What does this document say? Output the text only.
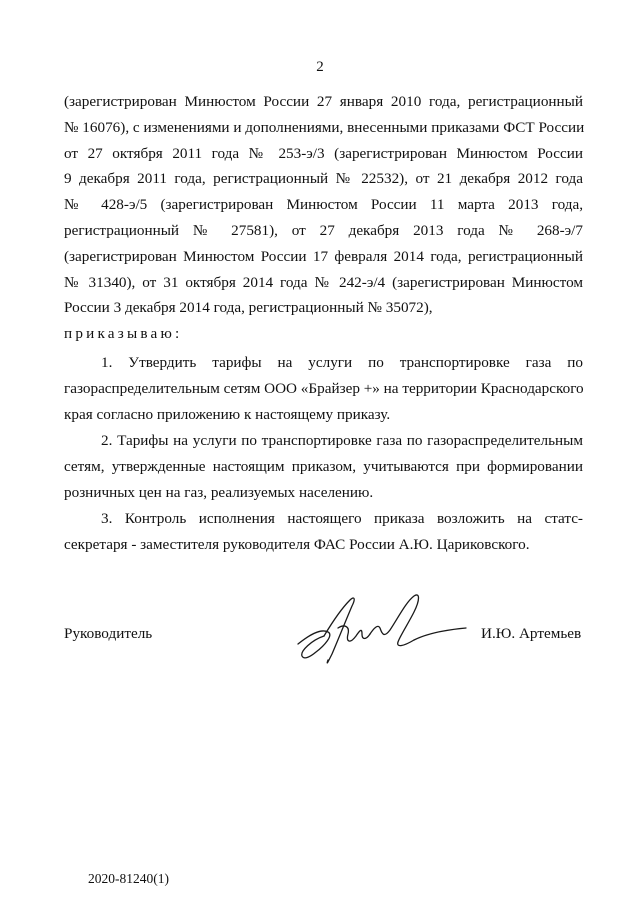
2
(зарегистрирован Минюстом России 27 января 2010 года, регистрационный
№ 16076), с изменениями и дополнениями, внесенными приказами ФСТ России
от 27 октября 2011 года № 253-э/3 (зарегистрирован Минюстом России
9 декабря 2011 года, регистрационный № 22532), от 21 декабря 2012 года
№ 428-э/5 (зарегистрирован Минюстом России 11 марта 2013 года,
регистрационный № 27581), от 27 декабря 2013 года № 268-э/7
(зарегистрирован Минюстом России 17 февраля 2014 года, регистрационный
№ 31340), от 31 октября 2014 года № 242-э/4 (зарегистрирован Минюстом
России 3 декабря 2014 года, регистрационный № 35072),
приказываю:
1. Утвердить тарифы на услуги по транспортировке газа по
газораспределительным сетям ООО «Брайзер +» на территории Краснодарского
края согласно приложению к настоящему приказу.
2. Тарифы на услуги по транспортировке газа по газораспределительным
сетям, утвержденные настоящим приказом, учитываются при формировании
розничных цен на газ, реализуемых населению.
3. Контроль исполнения настоящего приказа возложить на статс-
секретаря - заместителя руководителя ФАС России А.Ю. Цариковского.
Руководитель	И.Ю. Артемьев
2020-81240(1)
